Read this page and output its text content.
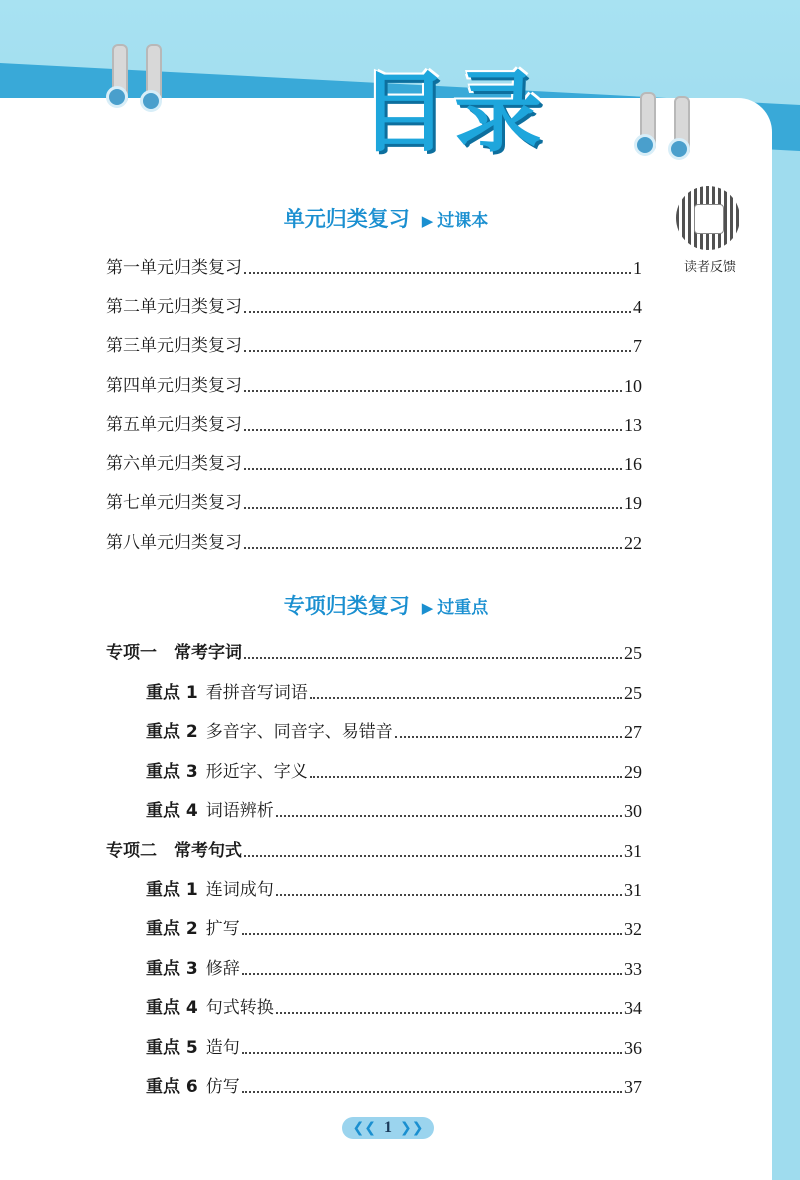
目录
读者反馈
单元归类复习 ▶ 过课本
第一单元归类复习	1
第二单元归类复习	4
第三单元归类复习	7
第四单元归类复习	10
第五单元归类复习	13
第六单元归类复习	16
第七单元归类复习	19
第八单元归类复习	22
专项归类复习 ▶ 过重点
专项一　常考字词	25
重点 1 看拼音写词语	25
重点 2 多音字、同音字、易错音	27
重点 3 形近字、字义	29
重点 4 词语辨析	30
专项二　常考句式	31
重点 1 连词成句	31
重点 2 扩写	32
重点 3 修辞	33
重点 4 句式转换	34
重点 5 造句	36
重点 6 仿写	37
❮❮ 1 ❯❯
